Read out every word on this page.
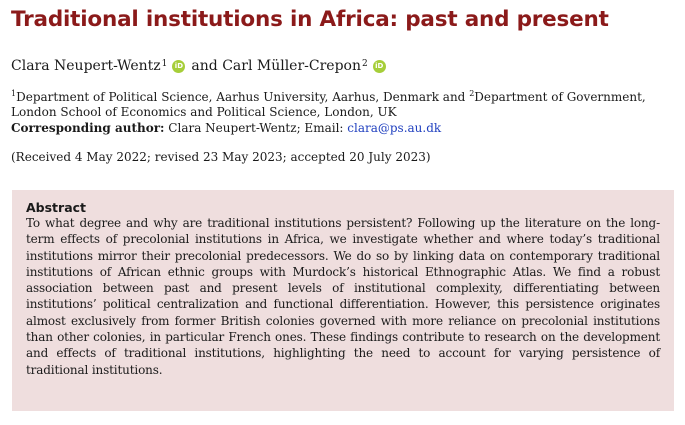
Traditional institutions in Africa: past and present
Clara Neupert-Wentz$^1$	iD and
Carl Müller-Crepon$^2$	iD
$^1$Department of Political Science, Aarhus University, Aarhus, Denmark and $^2$Department of Government, London School of Economics and Political Science, London, UK
Corresponding author: Clara Neupert-Wentz; Email: clara@ps.au.dk
(Received 4 May 2022; revised 23 May 2023; accepted 20 July 2023)
Abstract
To what degree and why are traditional institutions persistent? Following up the literature on the long-term effects of precolonial institutions in Africa, we investigate whether and where today’s traditional institutions mirror their precolonial predecessors. We do so by linking data on contemporary traditional institutions of African ethnic groups with Murdock’s historical Ethnographic Atlas. We find a robust association between past and present levels of institutional complexity, differentiating between institutions’ political centralization and functional differentiation. However, this persistence originates almost exclusively from former British colonies governed with more reliance on precolonial institutions than other colonies, in particular French ones. These findings contribute to research on the development and effects of traditional institutions, highlighting the need to account for varying persistence of traditional institutions.
